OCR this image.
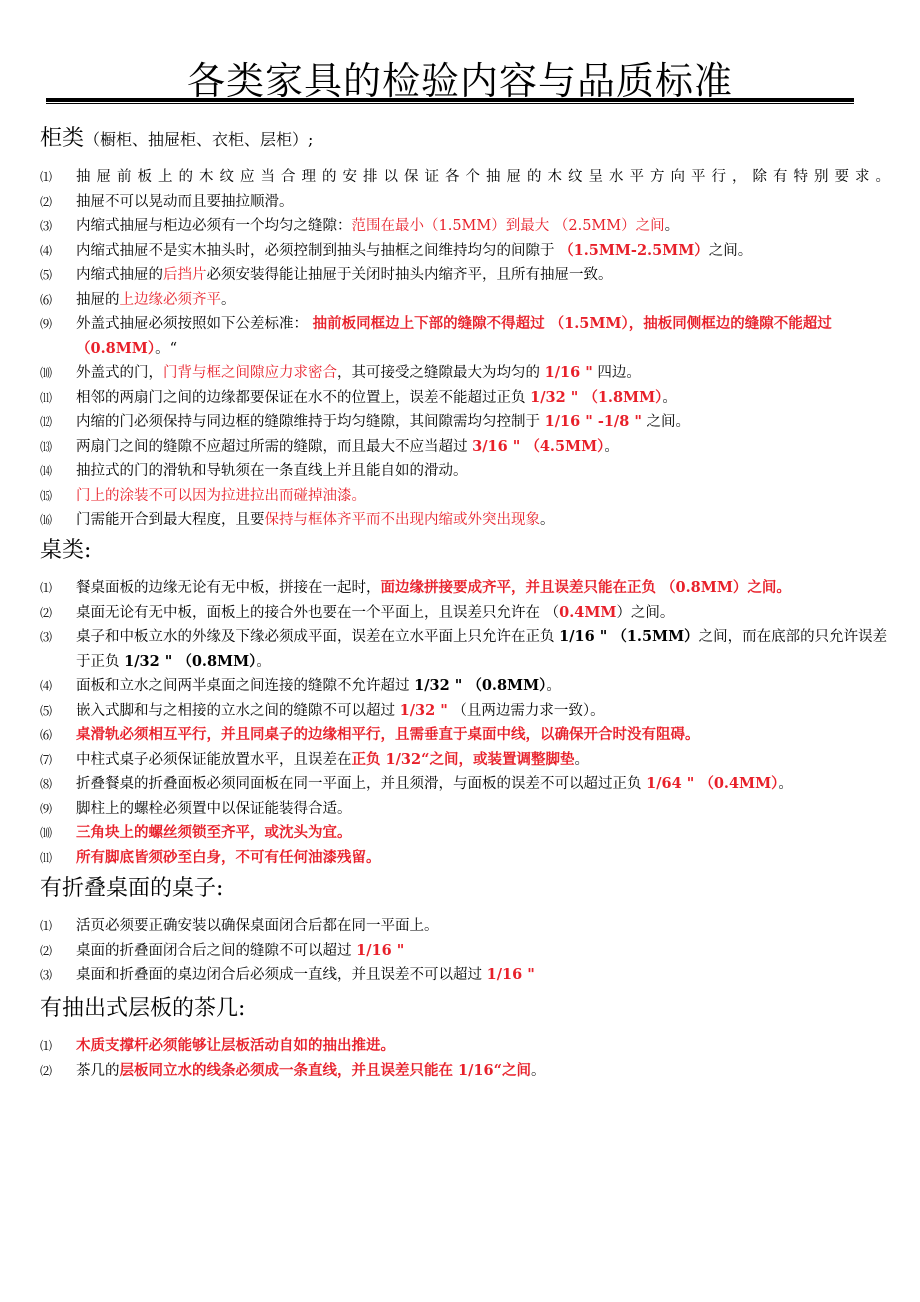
各类家具的检验内容与品质标准
柜类（橱柜、抽屉柜、衣柜、层柜）;

⑴	抽屉前板上的木纹应当合理的安排以保证各个抽屉的木纹呈水平方向平行，除有特别要求。

⑵	抽屉不可以晃动而且要抽拉顺滑。

⑶	内缩式抽屉与柜边必须有一个均匀之缝隙：范围在最小（1.5MM）到最大 （2.5MM）之间。

⑷	内缩式抽屉不是实木抽头时，必须控制到抽头与抽框之间维持均匀的间隙于 （1.5MM-2.5MM）之间。

⑸	内缩式抽屉的后挡片必须安装得能让抽屉于关闭时抽头内缩齐平，且所有抽屉一致。

⑹	抽屉的上边缘必须齐平。

⑼	外盖式抽屉必须按照如下公差标准： 抽前板同框边上下部的缝隙不得超过 （1.5MM），抽板同侧框边的缝隙不能超过 （0.8MM）。“

⑽	外盖式的门，门背与框之间隙应力求密合，其可接受之缝隙最大为均匀的 1/16 " 四边。

⑾	相邻的两扇门之间的边缘都要保证在水不的位置上，误差不能超过正负 1/32 " （1.8MM）。

⑿	内缩的门必须保持与同边框的缝隙维持于均匀缝隙，其间隙需均匀控制于 1/16 " -1/8 " 之间。

⒀	两扇门之间的缝隙不应超过所需的缝隙，而且最大不应当超过 3/16 " （4.5MM）。

⒁	抽拉式的门的滑轨和导轨须在一条直线上并且能自如的滑动。

⒂	门上的涂装不可以因为拉进拉出而碰掉油漆。

⒃	门需能开合到最大程度，且要保持与框体齐平而不出现内缩或外突出现象。

桌类:

⑴	餐桌面板的边缘无论有无中板，拼接在一起时，面边缘拼接要成齐平，并且误差只能在正负 （0.8MM）之间。

⑵	桌面无论有无中板，面板上的接合外也要在一个平面上，且误差只允许在 （0.4MM）之间。

⑶	桌子和中板立水的外缘及下缘必须成平面，误差在立水平面上只允许在正负 1/16 " （1.5MM）之间，而在底部的只允许误差于正负 1/32 " （0.8MM）。

⑷	面板和立水之间两半桌面之间连接的缝隙不允许超过 1/32 " （0.8MM）。

⑸	嵌入式脚和与之相接的立水之间的缝隙不可以超过 1/32 " （且两边需力求一致）。

⑹	桌滑轨必须相互平行，并且同桌子的边缘相平行，且需垂直于桌面中线，以确保开合时没有阻碍。

⑺	中柱式桌子必须保证能放置水平，且误差在正负 1/32“之间，或装置调整脚垫。

⑻	折叠餐桌的折叠面板必须同面板在同一平面上，并且须滑，与面板的误差不可以超过正负 1/64 " （0.4MM）。

⑼	脚柱上的螺栓必须置中以保证能装得合适。

⑽	三角块上的螺丝须锁至齐平，或沈头为宜。

⑾	所有脚底皆须砂至白身，不可有任何油漆残留。

有折叠桌面的桌子:

⑴	活页必须要正确安装以确保桌面闭合后都在同一平面上。

⑵	桌面的折叠面闭合后之间的缝隙不可以超过 1/16 "

⑶	桌面和折叠面的桌边闭合后必须成一直线，并且误差不可以超过 1/16 "

有抽出式层板的茶几:

⑴	木质支撑杆必须能够让层板活动自如的抽出推进。

⑵	茶几的层板同立水的线条必须成一条直线，并且误差只能在 1/16“之间。
